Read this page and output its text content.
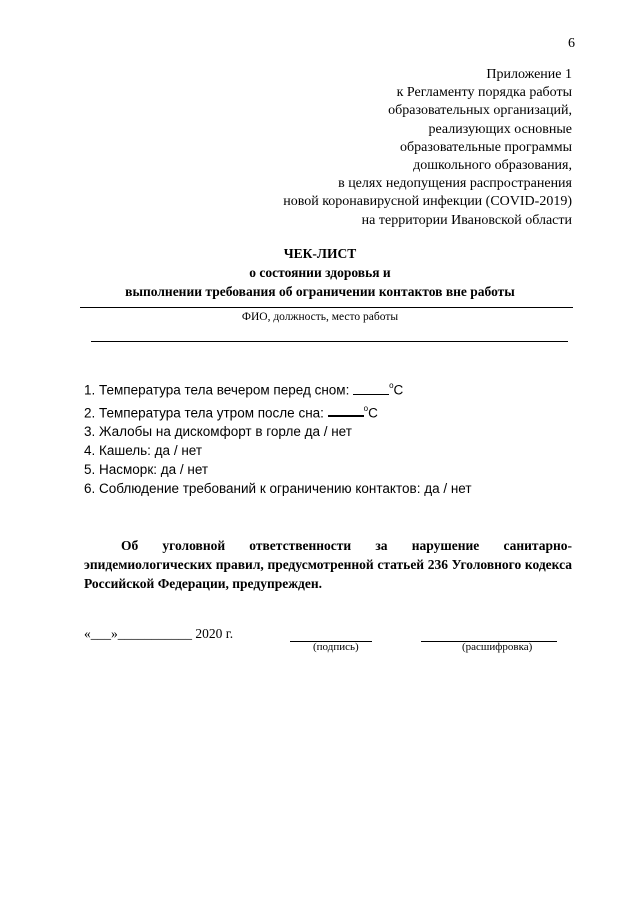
6
Приложение 1
к Регламенту порядка работы
образовательных организаций,
реализующих основные
образовательные программы
дошкольного образования,
в целях недопущения распространения
новой коронавирусной инфекции (COVID-2019)
на территории Ивановской области
ЧЕК-ЛИСТ
о состоянии здоровья и
выполнении требования об ограничении контактов вне работы
ФИО, должность, место работы
1. Температура тела вечером перед сном:	$^o$C
2. Температура тела утром после сна:	$^o$C
3. Жалобы на дискомфорт в горле да / нет
4. Кашель: да / нет
5. Насморк: да / нет
6. Соблюдение требований к ограничению контактов: да / нет
Об уголовной ответственности за нарушение санитарно-эпидемиологических правил, предусмотренной статьей 236 Уголовного кодекса Российской Федерации, предупрежден.
«___»___________ 2020 г.
(подпись)	(расшифровка)
